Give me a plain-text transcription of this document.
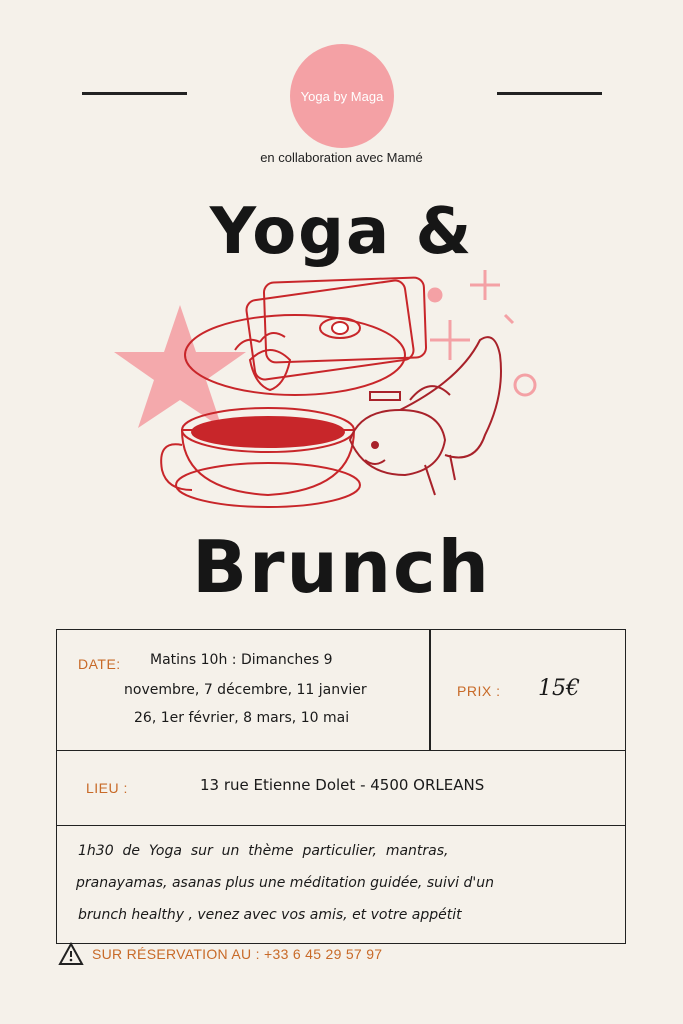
Yoga by Maga
en collaboration avec Mamé
Yoga &
Brunch
DATE: Matins 10h : Dimanches 9
novembre, 7 décembre, 11 janvier
26, 1er février, 8 mars, 10 mai
PRIX : 15€
LIEU :	13 rue Etienne Dolet - 4500 ORLEANS
1h30  de  Yoga  sur  un  thème  particulier,  mantras,
pranayamas, asanas plus une méditation guidée, suivi d'un
brunch healthy , venez avec vos amis, et votre appétit
SUR RÉSERVATION AU : +33 6 45 29 57 97
